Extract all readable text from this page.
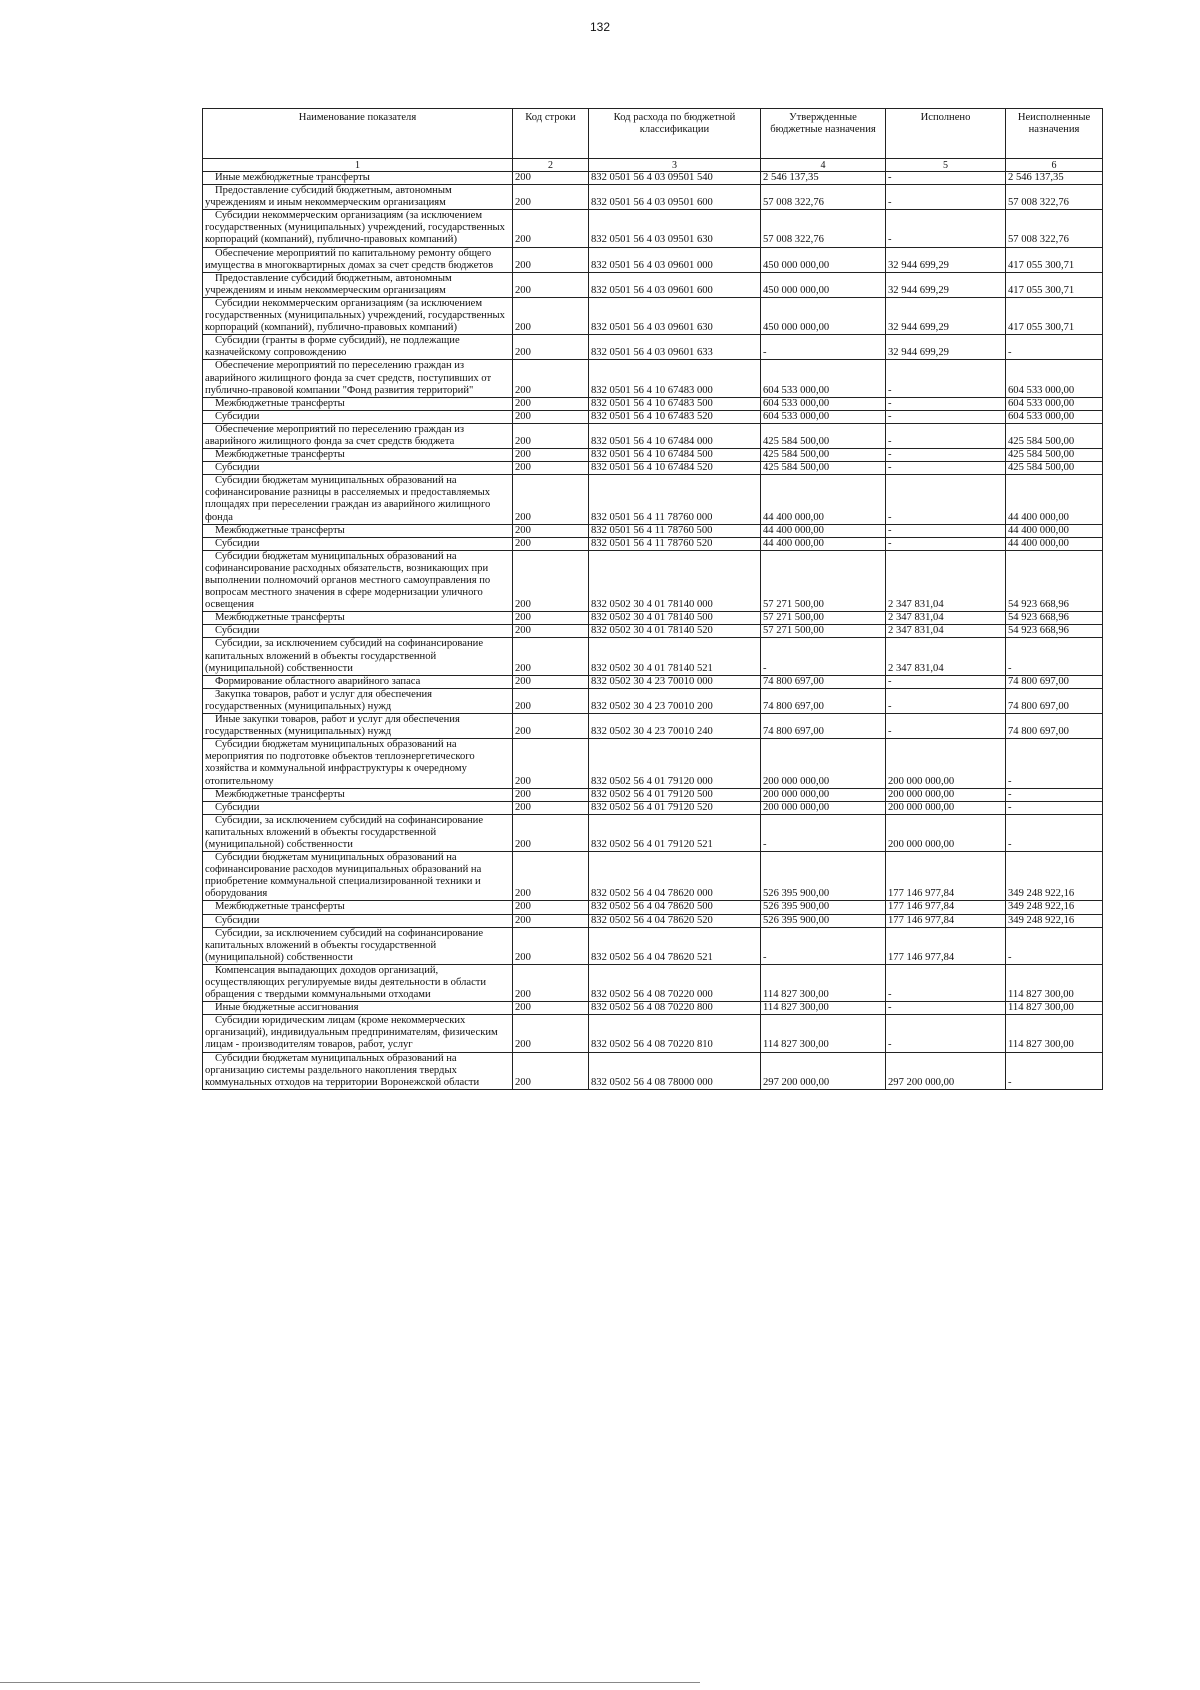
132
Наименование показателя	Код строки	Код расхода по бюджетной классификации	Утвержденные бюджетные назначения	Исполнено	Неисполненные назначения
1	2	3	4	5	6

Иные межбюджетные трансферты	200	832 0501 56 4 03 09501 540	2 546 137,35	-	2 546 137,35

Предоставление субсидий бюджетным, автономным учреждениям и иным некоммерческим организациям	200	832 0501 56 4 03 09501 600	57 008 322,76	-	57 008 322,76

Субсидии некоммерческим организациям (за исключением государственных (муниципальных) учреждений, государственных корпораций (компаний), публично-правовых компаний)	200	832 0501 56 4 03 09501 630	57 008 322,76	-	57 008 322,76

Обеспечение мероприятий по капитальному ремонту общего имущества в многоквартирных домах за счет средств бюджетов	200	832 0501 56 4 03 09601 000	450 000 000,00	32 944 699,29	417 055 300,71

Предоставление субсидий бюджетным, автономным учреждениям и иным некоммерческим организациям	200	832 0501 56 4 03 09601 600	450 000 000,00	32 944 699,29	417 055 300,71

Субсидии некоммерческим организациям (за исключением государственных (муниципальных) учреждений, государственных корпораций (компаний), публично-правовых компаний)	200	832 0501 56 4 03 09601 630	450 000 000,00	32 944 699,29	417 055 300,71

Субсидии (гранты в форме субсидий), не подлежащие казначейскому сопровождению	200	832 0501 56 4 03 09601 633	-	32 944 699,29	-

Обеспечение мероприятий по переселению граждан из аварийного жилищного фонда за счет средств, поступивших от публично-правовой компании "Фонд развития территорий"	200	832 0501 56 4 10 67483 000	604 533 000,00	-	604 533 000,00

Межбюджетные трансферты	200	832 0501 56 4 10 67483 500	604 533 000,00	-	604 533 000,00

Субсидии	200	832 0501 56 4 10 67483 520	604 533 000,00	-	604 533 000,00

Обеспечение мероприятий по переселению граждан из аварийного жилищного фонда за счет средств бюджета	200	832 0501 56 4 10 67484 000	425 584 500,00	-	425 584 500,00

Межбюджетные трансферты	200	832 0501 56 4 10 67484 500	425 584 500,00	-	425 584 500,00

Субсидии	200	832 0501 56 4 10 67484 520	425 584 500,00	-	425 584 500,00

Субсидии бюджетам муниципальных образований на софинансирование разницы в расселяемых и предоставляемых площадях при переселении граждан из аварийного жилищного фонда	200	832 0501 56 4 11 78760 000	44 400 000,00	-	44 400 000,00

Межбюджетные трансферты	200	832 0501 56 4 11 78760 500	44 400 000,00	-	44 400 000,00

Субсидии	200	832 0501 56 4 11 78760 520	44 400 000,00	-	44 400 000,00

Субсидии бюджетам муниципальных образований на софинансирование расходных обязательств, возникающих при выполнении полномочий органов местного самоуправления по вопросам местного значения в сфере модернизации уличного освещения	200	832 0502 30 4 01 78140 000	57 271 500,00	2 347 831,04	54 923 668,96

Межбюджетные трансферты	200	832 0502 30 4 01 78140 500	57 271 500,00	2 347 831,04	54 923 668,96

Субсидии	200	832 0502 30 4 01 78140 520	57 271 500,00	2 347 831,04	54 923 668,96

Субсидии, за исключением субсидий на софинансирование капитальных вложений в объекты государственной (муниципальной) собственности	200	832 0502 30 4 01 78140 521	-	2 347 831,04	-

Формирование областного аварийного запаса	200	832 0502 30 4 23 70010 000	74 800 697,00	-	74 800 697,00

Закупка товаров, работ и услуг для обеспечения государственных (муниципальных) нужд	200	832 0502 30 4 23 70010 200	74 800 697,00	-	74 800 697,00

Иные закупки товаров, работ и услуг для обеспечения государственных (муниципальных) нужд	200	832 0502 30 4 23 70010 240	74 800 697,00	-	74 800 697,00

Субсидии бюджетам муниципальных образований на мероприятия по подготовке объектов теплоэнергетического хозяйства и коммунальной инфраструктуры к очередному отопительному	200	832 0502 56 4 01 79120 000	200 000 000,00	200 000 000,00	-

Межбюджетные трансферты	200	832 0502 56 4 01 79120 500	200 000 000,00	200 000 000,00	-

Субсидии	200	832 0502 56 4 01 79120 520	200 000 000,00	200 000 000,00	-

Субсидии, за исключением субсидий на софинансирование капитальных вложений в объекты государственной (муниципальной) собственности	200	832 0502 56 4 01 79120 521	-	200 000 000,00	-

Субсидии бюджетам муниципальных образований на софинансирование расходов муниципальных образований на приобретение коммунальной специализированной техники и оборудования	200	832 0502 56 4 04 78620 000	526 395 900,00	177 146 977,84	349 248 922,16

Межбюджетные трансферты	200	832 0502 56 4 04 78620 500	526 395 900,00	177 146 977,84	349 248 922,16

Субсидии	200	832 0502 56 4 04 78620 520	526 395 900,00	177 146 977,84	349 248 922,16

Субсидии, за исключением субсидий на софинансирование капитальных вложений в объекты государственной (муниципальной) собственности	200	832 0502 56 4 04 78620 521	-	177 146 977,84	-

Компенсация выпадающих доходов организаций, осуществляющих регулируемые виды деятельности в области обращения с твердыми коммунальными отходами	200	832 0502 56 4 08 70220 000	114 827 300,00	-	114 827 300,00

Иные бюджетные ассигнования	200	832 0502 56 4 08 70220 800	114 827 300,00	-	114 827 300,00

Субсидии юридическим лицам (кроме некоммерческих организаций), индивидуальным предпринимателям, физическим лицам - производителям товаров, работ, услуг	200	832 0502 56 4 08 70220 810	114 827 300,00	-	114 827 300,00

Субсидии бюджетам муниципальных образований на организацию системы раздельного накопления твердых коммунальных отходов на территории Воронежской области	200	832 0502 56 4 08 78000 000	297 200 000,00	297 200 000,00	-
